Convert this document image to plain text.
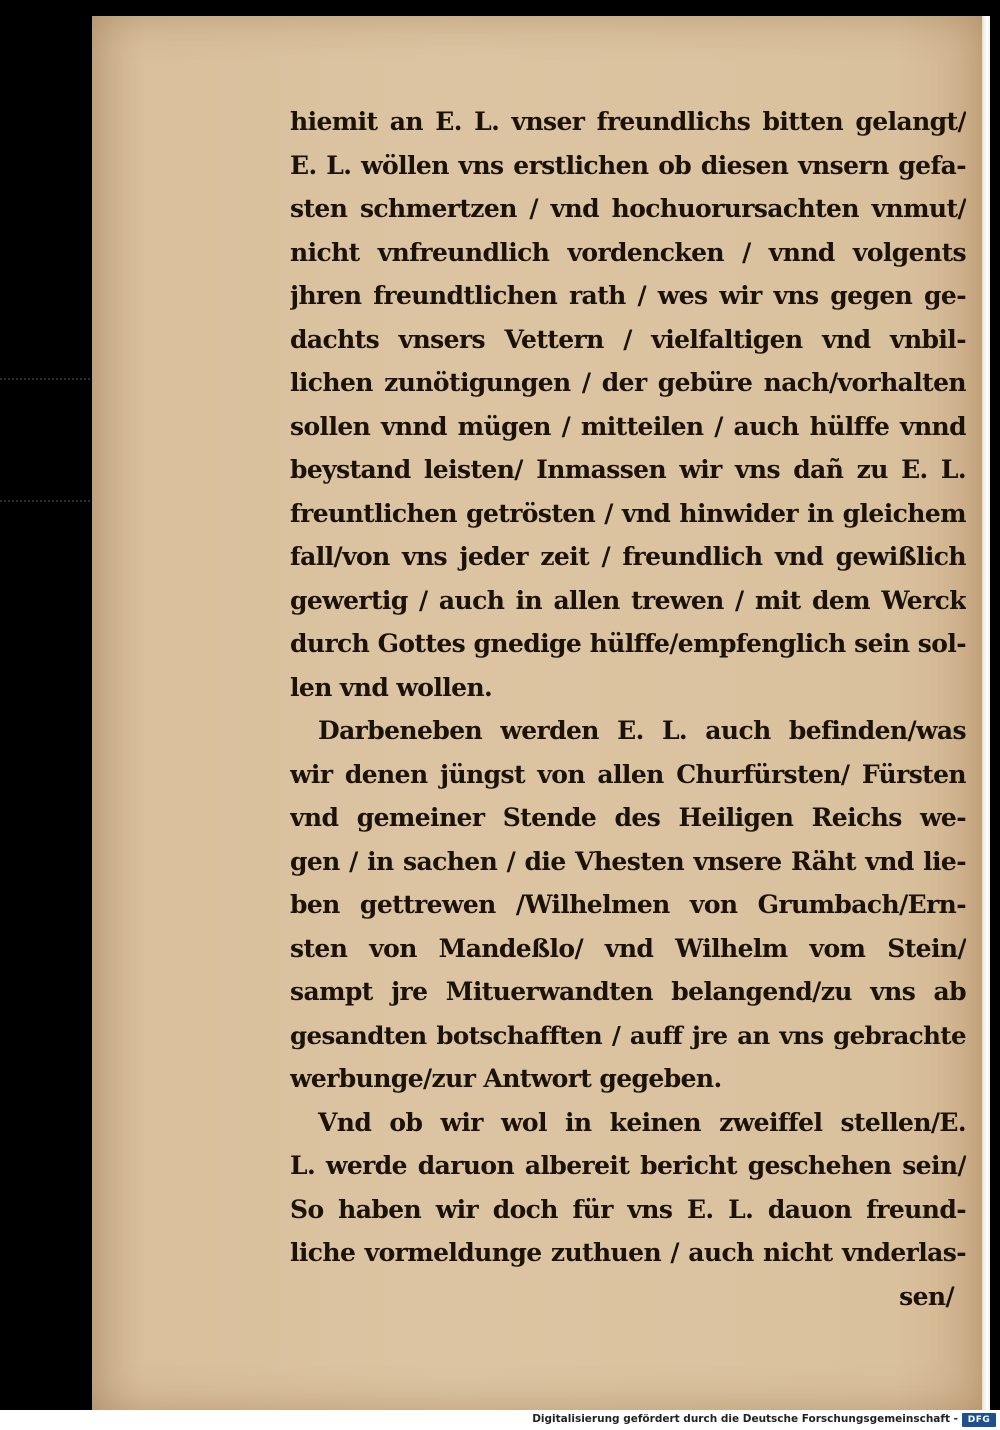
hiemit an E. L. vnser freundlichs bitten gelangt/
E. L. wöllen vns erstlichen ob diesen vnsern gefa-
sten schmertzen / vnd hochuorursachten vnmut/
nicht vnfreundlich vordencken / vnnd volgents
jhren freundtlichen rath / wes wir vns gegen ge-
dachts vnsers Vettern / vielfaltigen vnd vnbil-
lichen zunötigungen / der gebüre nach/vorhalten
sollen vnnd mügen / mitteilen / auch hülffe vnnd
beystand leisten/ Inmassen wir vns dañ zu E. L.
freuntlichen getrösten / vnd hinwider in gleichem
fall/von vns jeder zeit / freundlich vnd gewißlich
gewertig / auch in allen trewen / mit dem Werck
durch Gottes gnedige hülffe/empfenglich sein sol-
len vnd wollen.
Darbeneben werden E. L. auch befinden/was
wir denen jüngst von allen Churfürsten/ Fürsten
vnd gemeiner Stende des Heiligen Reichs we-
gen / in sachen / die Vhesten vnsere Räht vnd lie-
ben gettrewen /Wilhelmen von Grumbach/Ern-
sten von Mandeßlo/ vnd Wilhelm vom Stein/
sampt jre Mituerwandten belangend/zu vns ab
gesandten botschafften / auff jre an vns gebrachte
werbunge/zur Antwort gegeben.
Vnd ob wir wol in keinen zweiffel stellen/E.
L. werde daruon albereit bericht geschehen sein/
So haben wir doch für vns E. L. dauon freund-
liche vormeldunge zuthuen / auch nicht vnderlas-
sen/
Digitalisierung gefördert durch die Deutsche Forschungsgemeinschaft -	DFG
